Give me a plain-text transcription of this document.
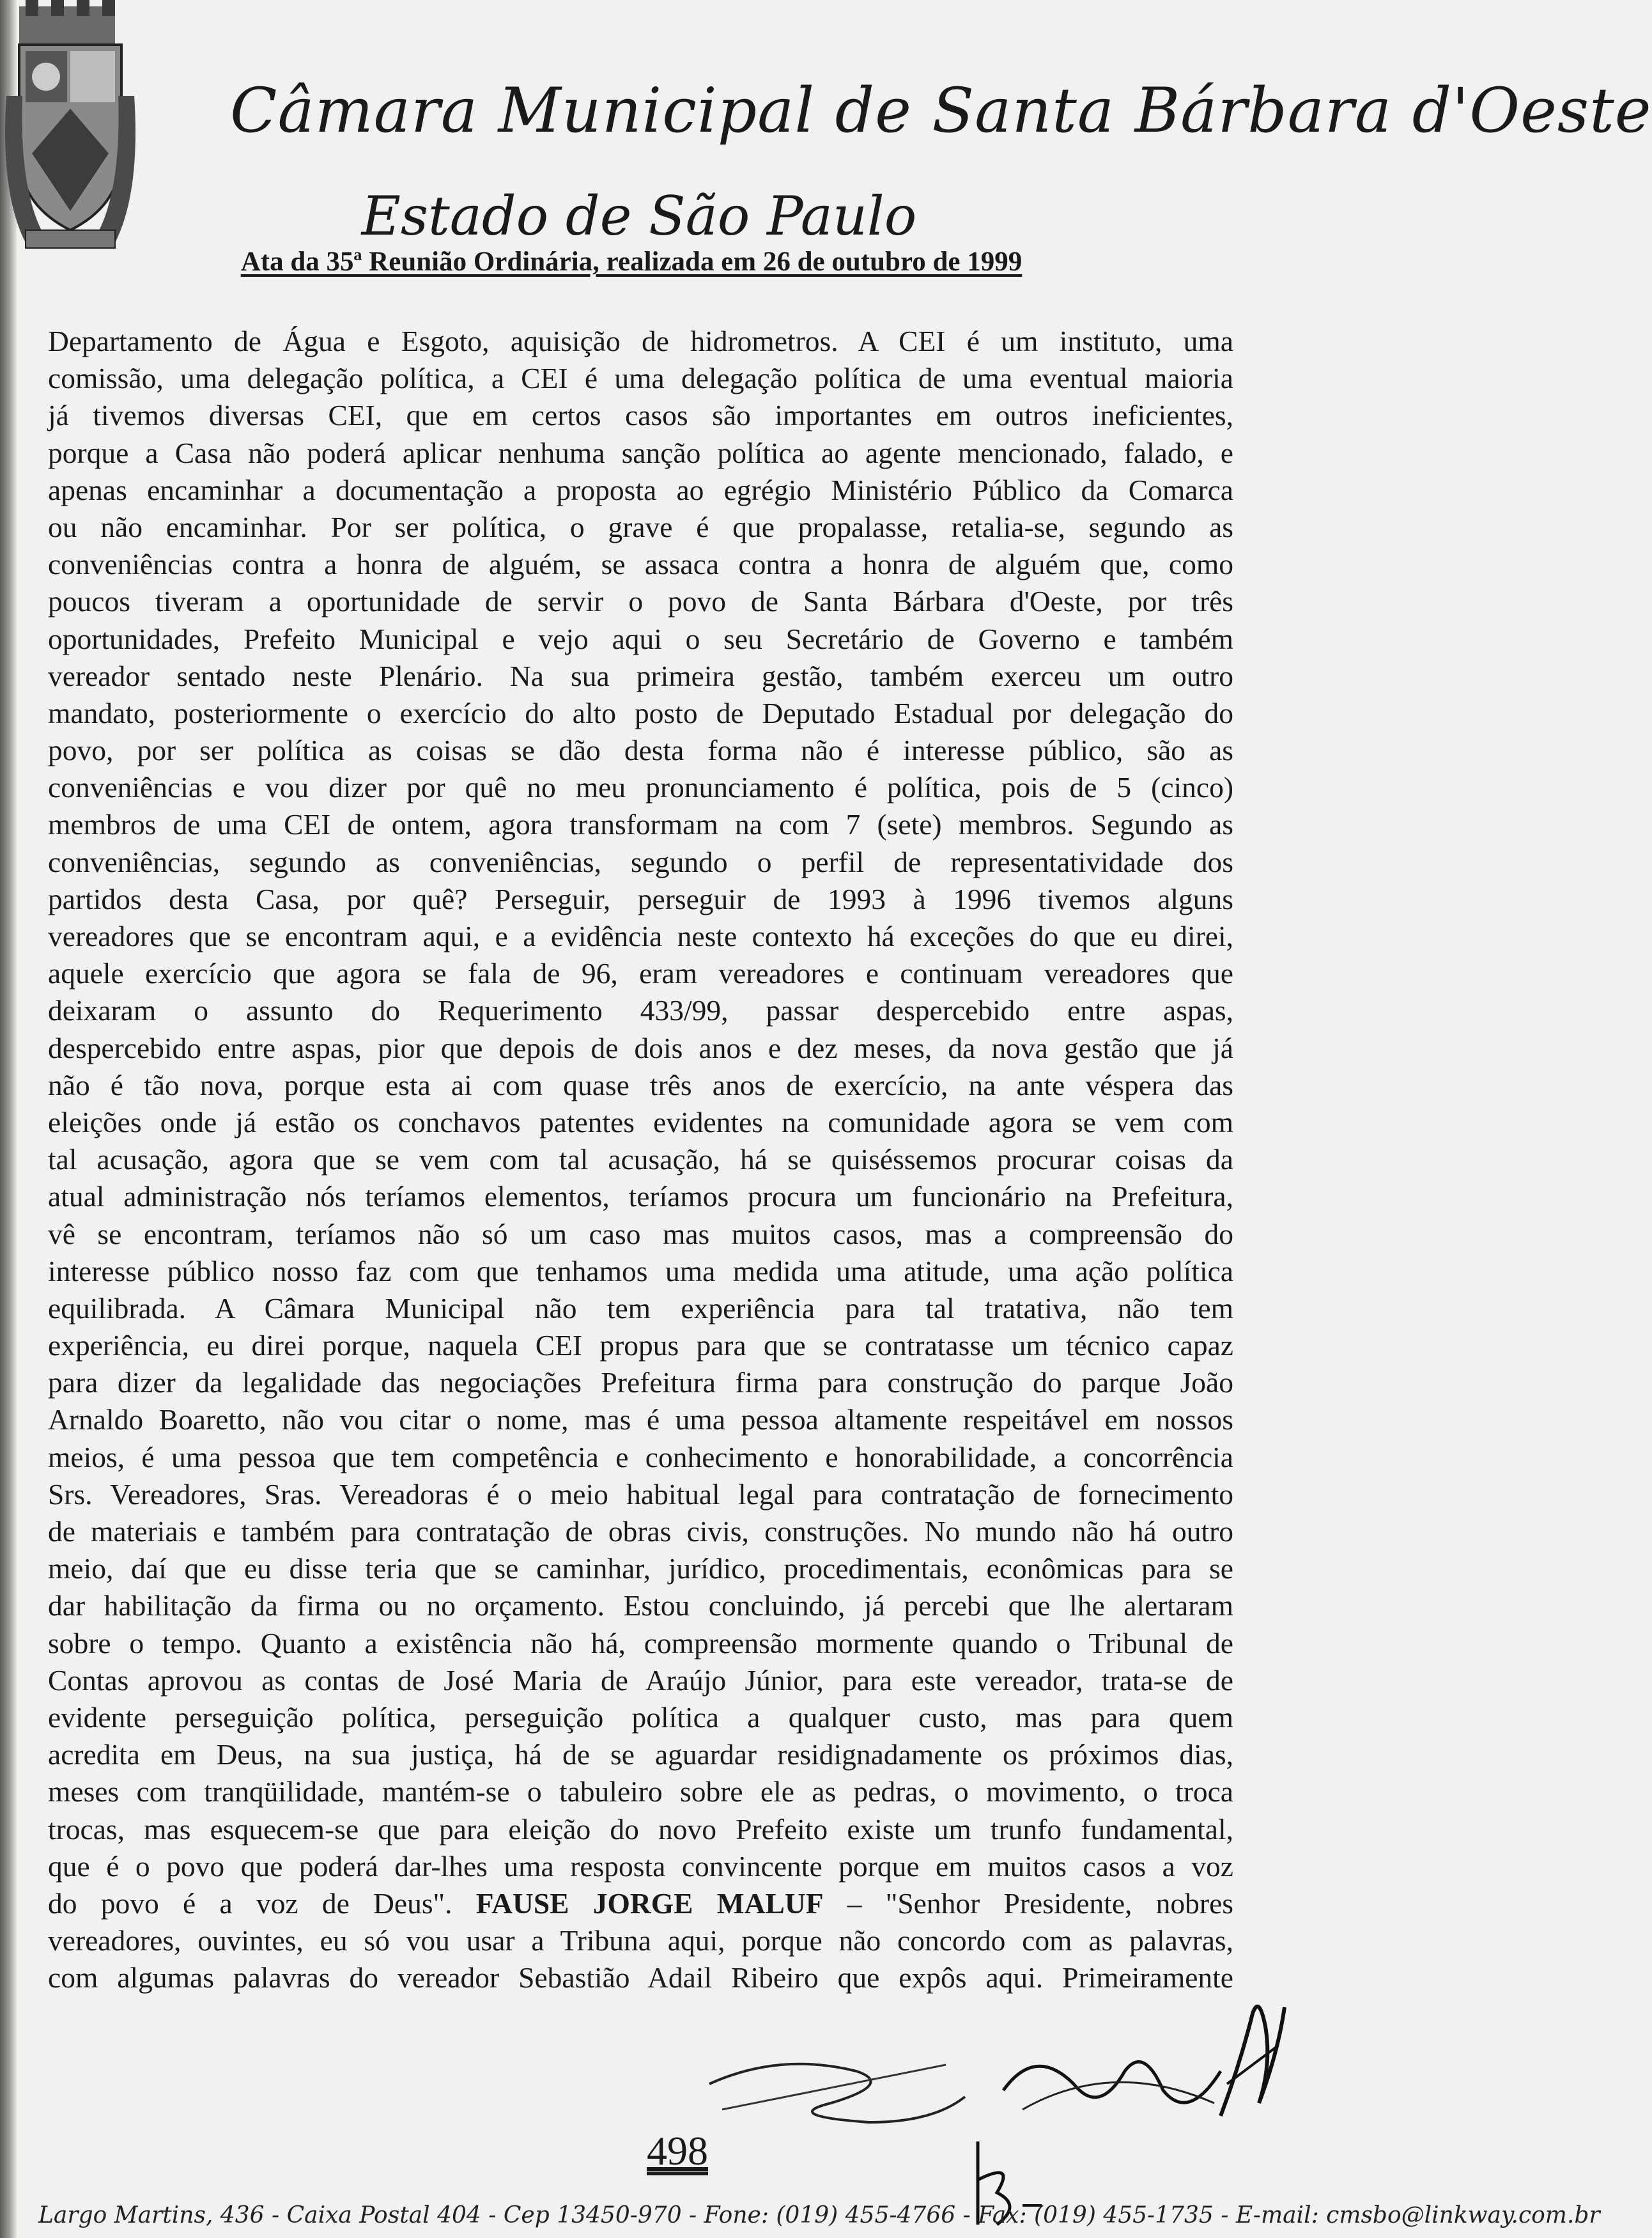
Câmara Municipal de Santa Bárbara d'Oeste
Estado de São Paulo
Ata da 35ª Reunião Ordinária, realizada em 26 de outubro de 1999
Departamento de Água e Esgoto, aquisição de hidrometros. A CEI é um instituto, uma
comissão, uma delegação política, a CEI é uma delegação política de uma eventual maioria
já tivemos diversas CEI, que em certos casos são importantes em outros ineficientes,
porque a Casa não poderá aplicar nenhuma sanção política ao agente mencionado, falado, e
apenas encaminhar a documentação a proposta ao egrégio Ministério Público da Comarca
ou não encaminhar. Por ser política, o grave é que propalasse, retalia-se, segundo as
conveniências contra a honra de alguém, se assaca contra a honra de alguém que, como
poucos tiveram a oportunidade de servir o povo de Santa Bárbara d'Oeste, por três
oportunidades, Prefeito Municipal e vejo aqui o seu Secretário de Governo e também
vereador sentado neste Plenário. Na sua primeira gestão, também exerceu um outro
mandato, posteriormente o exercício do alto posto de Deputado Estadual por delegação do
povo, por ser política as coisas se dão desta forma não é interesse público, são as
conveniências e vou dizer por quê no meu pronunciamento é política, pois de 5 (cinco)
membros de uma CEI de ontem, agora transformam na com 7 (sete) membros. Segundo as
conveniências, segundo as conveniências, segundo o perfil de representatividade dos
partidos desta Casa, por quê? Perseguir, perseguir de 1993 à 1996 tivemos alguns
vereadores que se encontram aqui, e a evidência neste contexto há exceções do que eu direi,
aquele exercício que agora se fala de 96, eram vereadores e continuam vereadores que
deixaram o assunto do Requerimento 433/99, passar despercebido entre aspas,
despercebido entre aspas, pior que depois de dois anos e dez meses, da nova gestão que já
não é tão nova, porque esta ai com quase três anos de exercício, na ante véspera das
eleições onde já estão os conchavos patentes evidentes na comunidade agora se vem com
tal acusação, agora que se vem com tal acusação, há se quiséssemos procurar coisas da
atual administração nós teríamos elementos, teríamos procura um funcionário na Prefeitura,
vê se encontram, teríamos não só um caso mas muitos casos, mas a compreensão do
interesse público nosso faz com que tenhamos uma medida uma atitude, uma ação política
equilibrada. A Câmara Municipal não tem experiência para tal tratativa, não tem
experiência, eu direi porque, naquela CEI propus para que se contratasse um técnico capaz
para dizer da legalidade das negociações Prefeitura firma para construção do parque João
Arnaldo Boaretto, não vou citar o nome, mas é uma pessoa altamente respeitável em nossos
meios, é uma pessoa que tem competência e conhecimento e honorabilidade, a concorrência
Srs. Vereadores, Sras. Vereadoras é o meio habitual legal para contratação de fornecimento
de materiais e também para contratação de obras civis, construções. No mundo não há outro
meio, daí que eu disse teria que se caminhar, jurídico, procedimentais, econômicas para se
dar habilitação da firma ou no orçamento. Estou concluindo, já percebi que lhe alertaram
sobre o tempo. Quanto a existência não há, compreensão mormente quando o Tribunal de
Contas aprovou as contas de José Maria de Araújo Júnior, para este vereador, trata-se de
evidente perseguição política, perseguição política a qualquer custo, mas para quem
acredita em Deus, na sua justiça, há de se aguardar residignadamente os próximos dias,
meses com tranqüilidade, mantém-se o tabuleiro sobre ele as pedras, o movimento, o troca
trocas, mas esquecem-se que para eleição do novo Prefeito existe um trunfo fundamental,
que é o povo que poderá dar-lhes uma resposta convincente porque em muitos casos a voz
do povo é a voz de Deus". FAUSE JORGE MALUF – "Senhor Presidente, nobres
vereadores, ouvintes, eu só vou usar a Tribuna aqui, porque não concordo com as palavras,
com algumas palavras do vereador Sebastião Adail Ribeiro que expôs aqui. Primeiramente
498
Largo Martins, 436 - Caixa Postal 404 - Cep 13450-970 - Fone: (019) 455-4766 - Fax: (019) 455-1735 - E-mail: cmsbo@linkway.com.br
